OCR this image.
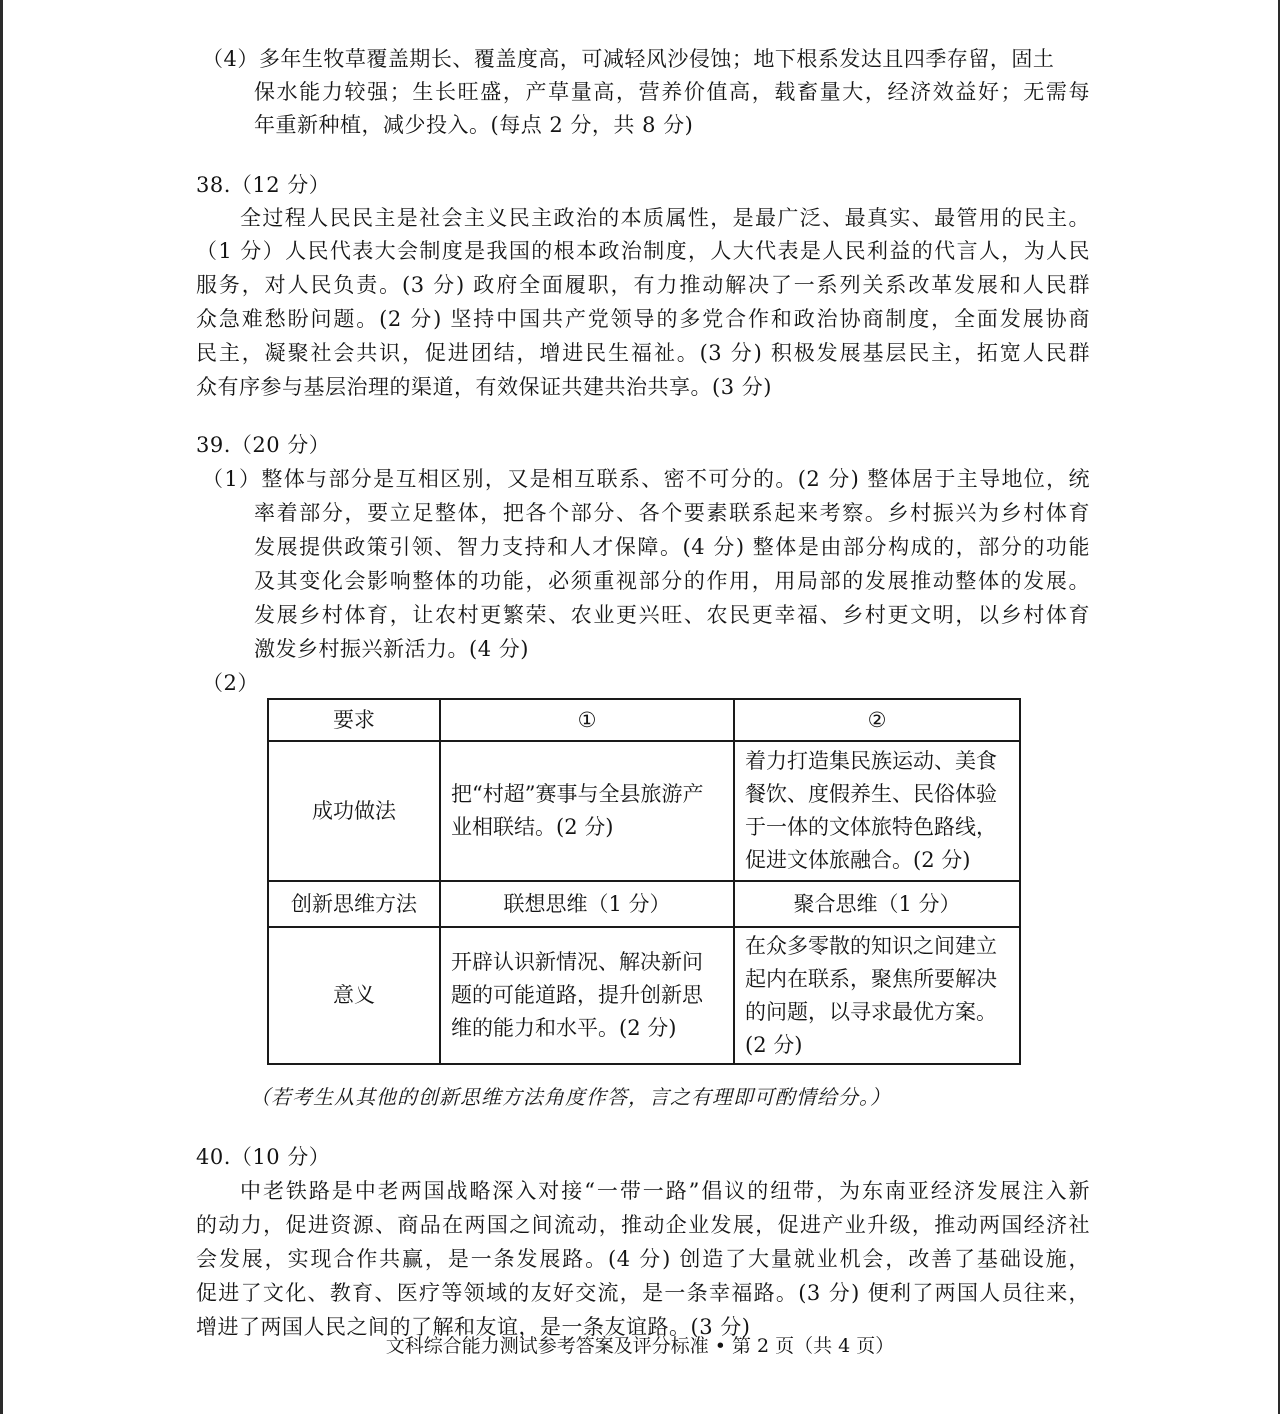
（4）多年生牧草覆盖期长、覆盖度高，可减轻风沙侵蚀；地下根系发达且四季存留，固土
保水能力较强；生长旺盛，产草量高，营养价值高，载畜量大，经济效益好；无需每
年重新种植，减少投入。(每点 2 分，共 8 分)
38.（12 分）
全过程人民民主是社会主义民主政治的本质属性，是最广泛、最真实、最管用的民主。
（1 分）人民代表大会制度是我国的根本政治制度，人大代表是人民利益的代言人，为人民
服务，对人民负责。(3 分) 政府全面履职，有力推动解决了一系列关系改革发展和人民群
众急难愁盼问题。(2 分) 坚持中国共产党领导的多党合作和政治协商制度，全面发展协商
民主，凝聚社会共识，促进团结，增进民生福祉。(3 分) 积极发展基层民主，拓宽人民群
众有序参与基层治理的渠道，有效保证共建共治共享。(3 分)
39.（20 分）
（1）整体与部分是互相区别，又是相互联系、密不可分的。(2 分) 整体居于主导地位，统
率着部分，要立足整体，把各个部分、各个要素联系起来考察。乡村振兴为乡村体育
发展提供政策引领、智力支持和人才保障。(4 分) 整体是由部分构成的，部分的功能
及其变化会影响整体的功能，必须重视部分的作用，用局部的发展推动整体的发展。
发展乡村体育，让农村更繁荣、农业更兴旺、农民更幸福、乡村更文明，以乡村体育
激发乡村振兴新活力。(4 分)
（2）
要求	①	②
成功做法	把“村超”赛事与全县旅游产业相联结。(2 分)	着力打造集民族运动、美食餐饮、度假养生、民俗体验于一体的文体旅特色路线，促进文体旅融合。(2 分)
创新思维方法	联想思维（1 分）	聚合思维（1 分）
意义	开辟认识新情况、解决新问题的可能道路，提升创新思维的能力和水平。(2 分)	在众多零散的知识之间建立起内在联系，聚焦所要解决的问题，以寻求最优方案。(2 分)
（若考生从其他的创新思维方法角度作答，言之有理即可酌情给分。）
40.（10 分）
中老铁路是中老两国战略深入对接“一带一路”倡议的纽带，为东南亚经济发展注入新
的动力，促进资源、商品在两国之间流动，推动企业发展，促进产业升级，推动两国经济社
会发展，实现合作共赢，是一条发展路。(4 分) 创造了大量就业机会，改善了基础设施，
促进了文化、教育、医疗等领域的友好交流，是一条幸福路。(3 分) 便利了两国人员往来，
增进了两国人民之间的了解和友谊，是一条友谊路。(3 分)
文科综合能力测试参考答案及评分标准 • 第 2 页（共 4 页）
